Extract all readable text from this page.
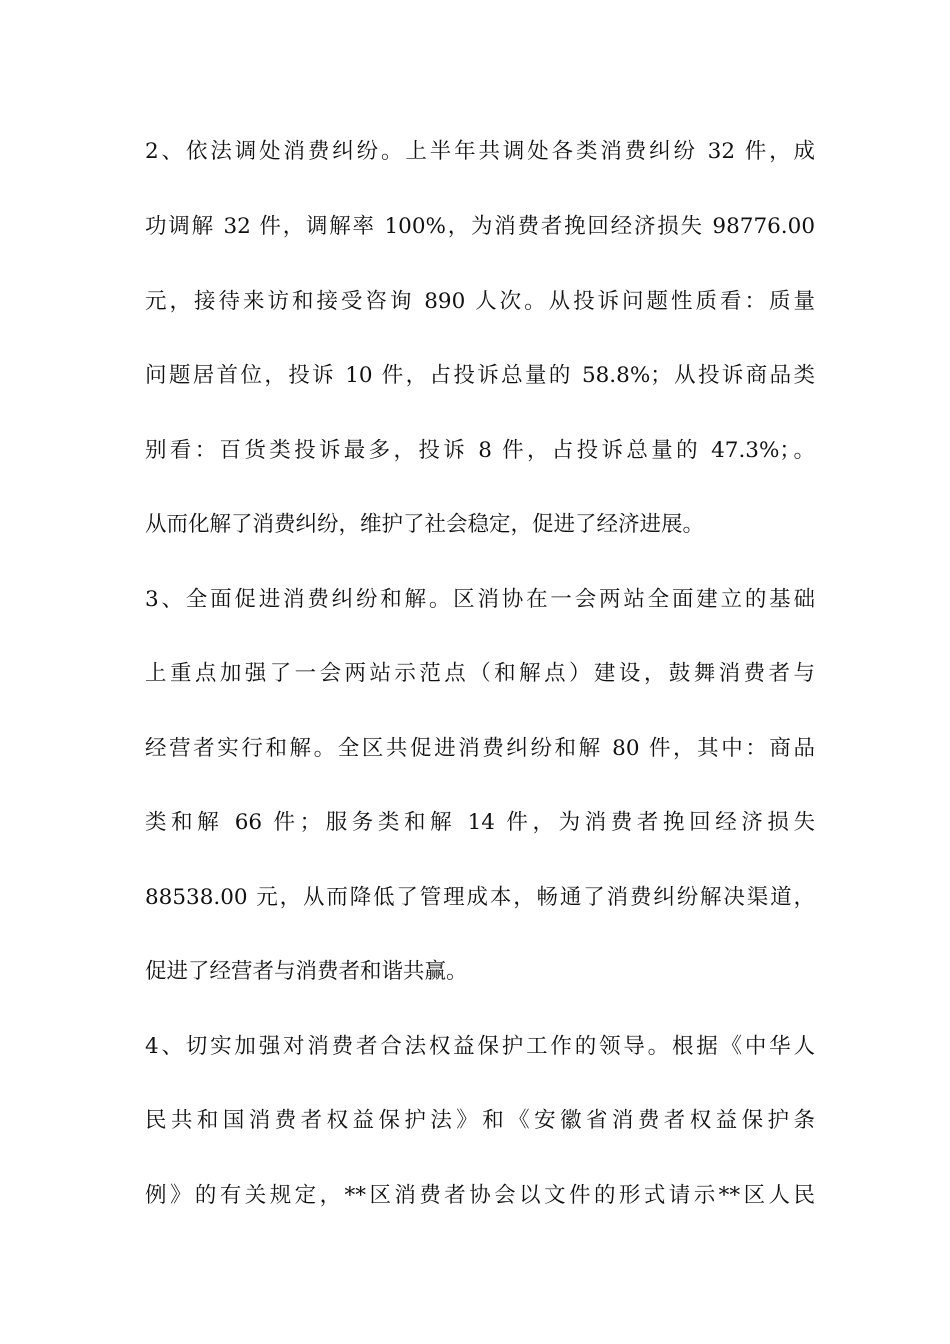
2、依法调处消费纠纷。上半年共调处各类消费纠纷 32 件，成
功调解 32 件，调解率 100%，为消费者挽回经济损失 98776.00
元，接待来访和接受咨询 890 人次。从投诉问题性质看：质量
问题居首位，投诉 10 件，占投诉总量的 58.8%；从投诉商品类
别看：百货类投诉最多，投诉 8 件，占投诉总量的 47.3%；。
从而化解了消费纠纷，维护了社会稳定，促进了经济进展。
3、全面促进消费纠纷和解。区消协在一会两站全面建立的基础
上重点加强了一会两站示范点（和解点）建设，鼓舞消费者与
经营者实行和解。全区共促进消费纠纷和解 80 件，其中：商品
类和解 66 件；服务类和解 14 件，为消费者挽回经济损失
88538.00 元，从而降低了管理成本，畅通了消费纠纷解决渠道，
促进了经营者与消费者和谐共赢。
4、切实加强对消费者合法权益保护工作的领导。根据《中华人
民共和国消费者权益保护法》和《安徽省消费者权益保护条
例》的有关规定，**区消费者协会以文件的形式请示**区人民
